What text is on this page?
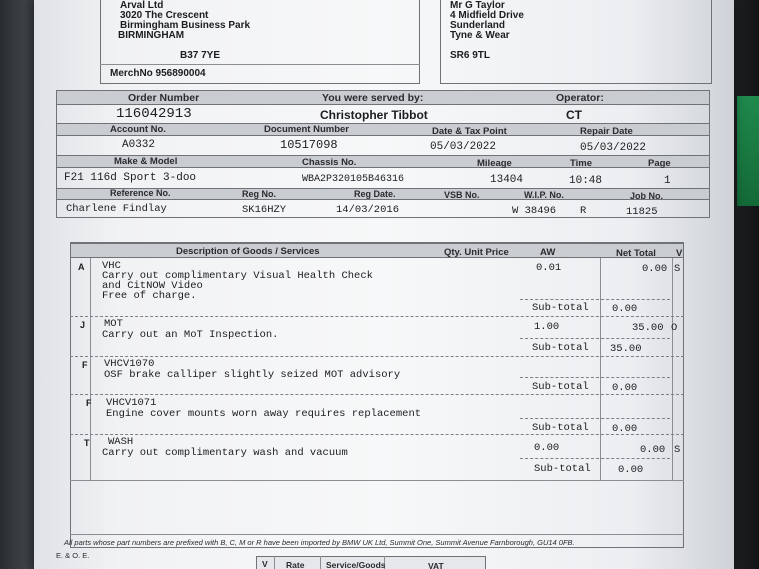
Arval Ltd
3020 The Crescent
Birmingham Business Park
BIRMINGHAM
B37 7YE
MerchNo 956890004
Mr G Taylor
4 Midfield Drive
Sunderland
Tyne & Wear
SR6 9TL
Order Number	You were served by:	Operator:
116042913	Christopher Tibbot	CT
Account No.	Document Number	Date & Tax Point	Repair Date
A0332	10517098	05/03/2022	05/03/2022
Make & Model	Chassis No.	Mileage	Time	Page
F21 116d Sport 3-doo	WBA2P320105B46316	13404	10:48	1
Reference No.	Reg No.	Reg Date.	VSB No.	W.I.P. No.	Job No.
Charlene Findlay	SK16HZY	14/03/2016	W 38496 R	11825
Description of Goods / Services	Qty. Unit Price	AW	Net Total V
A VHC
Carry out complimentary Visual Health Check
and CitNOW Video
Free of charge.
0.01	0.00 S
Sub-total 0.00
J MOT
Carry out an MoT Inspection.
1.00	35.00 O
Sub-total 35.00
F VHCV1070
OSF brake calliper slightly seized MOT advisory
Sub-total 0.00
F VHCV1071
Engine cover mounts worn away requires replacement
Sub-total 0.00
T WASH
Carry out complimentary wash and vacuum	0.00	0.00 S
Sub-total	0.00
All parts whose part numbers are prefixed with B, C, M or R have been imported by BMW UK Ltd, Summit One, Summit Avenue Farnborough, GU14 0FB.
E. & O. E.
V Rate	Service/Goods	VAT
